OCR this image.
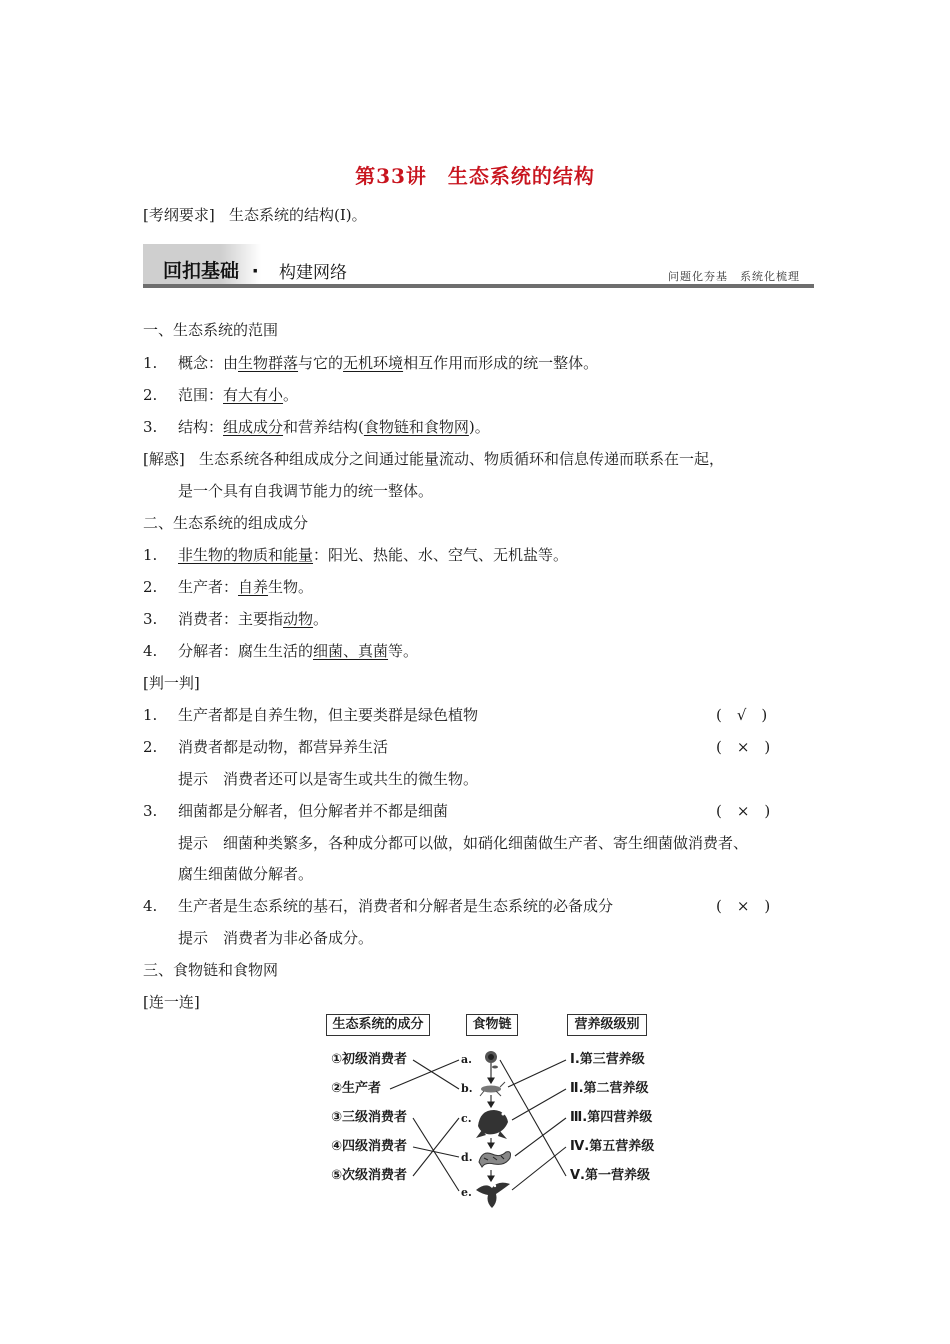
第33讲　生态系统的结构
[考纲要求] 生态系统的结构(Ⅰ)。
回扣基础 ·	构建网络	问题化夯基　系统化梳理
一、生态系统的范围
1. 概念：由生物群落与它的无机环境相互作用而形成的统一整体。
2. 范围：有大有小。
3. 结构：组成成分和营养结构(食物链和食物网)。
[解惑] 生态系统各种组成成分之间通过能量流动、物质循环和信息传递而联系在一起，
是一个具有自我调节能力的统一整体。
二、生态系统的组成成分
1. 非生物的物质和能量：阳光、热能、水、空气、无机盐等。
2. 生产者：自养生物。
3. 消费者：主要指动物。
4. 分解者：腐生生活的细菌、真菌等。
[判一判]
1. 生产者都是自养生物，但主要类群是绿色植物	(　√　)
2. 消费者都是动物，都营异养生活	(　×　)
提示　消费者还可以是寄生或共生的微生物。
3. 细菌都是分解者，但分解者并不都是细菌	(　×　)
提示　细菌种类繁多，各种成分都可以做，如硝化细菌做生产者、寄生细菌做消费者、
腐生细菌做分解者。
4. 生产者是生态系统的基石，消费者和分解者是生态系统的必备成分	(　×　)
提示　消费者为非必备成分。
三、食物链和食物网
[连一连]
生态系统的成分	食物链	营养级级别
①初级消费者
②生产者
③三级消费者
④四级消费者
⑤次级消费者
a.
b.
c.
d.
e.
Ⅰ.第三营养级
Ⅱ.第二营养级
Ⅲ.第四营养级
Ⅳ.第五营养级
Ⅴ.第一营养级
